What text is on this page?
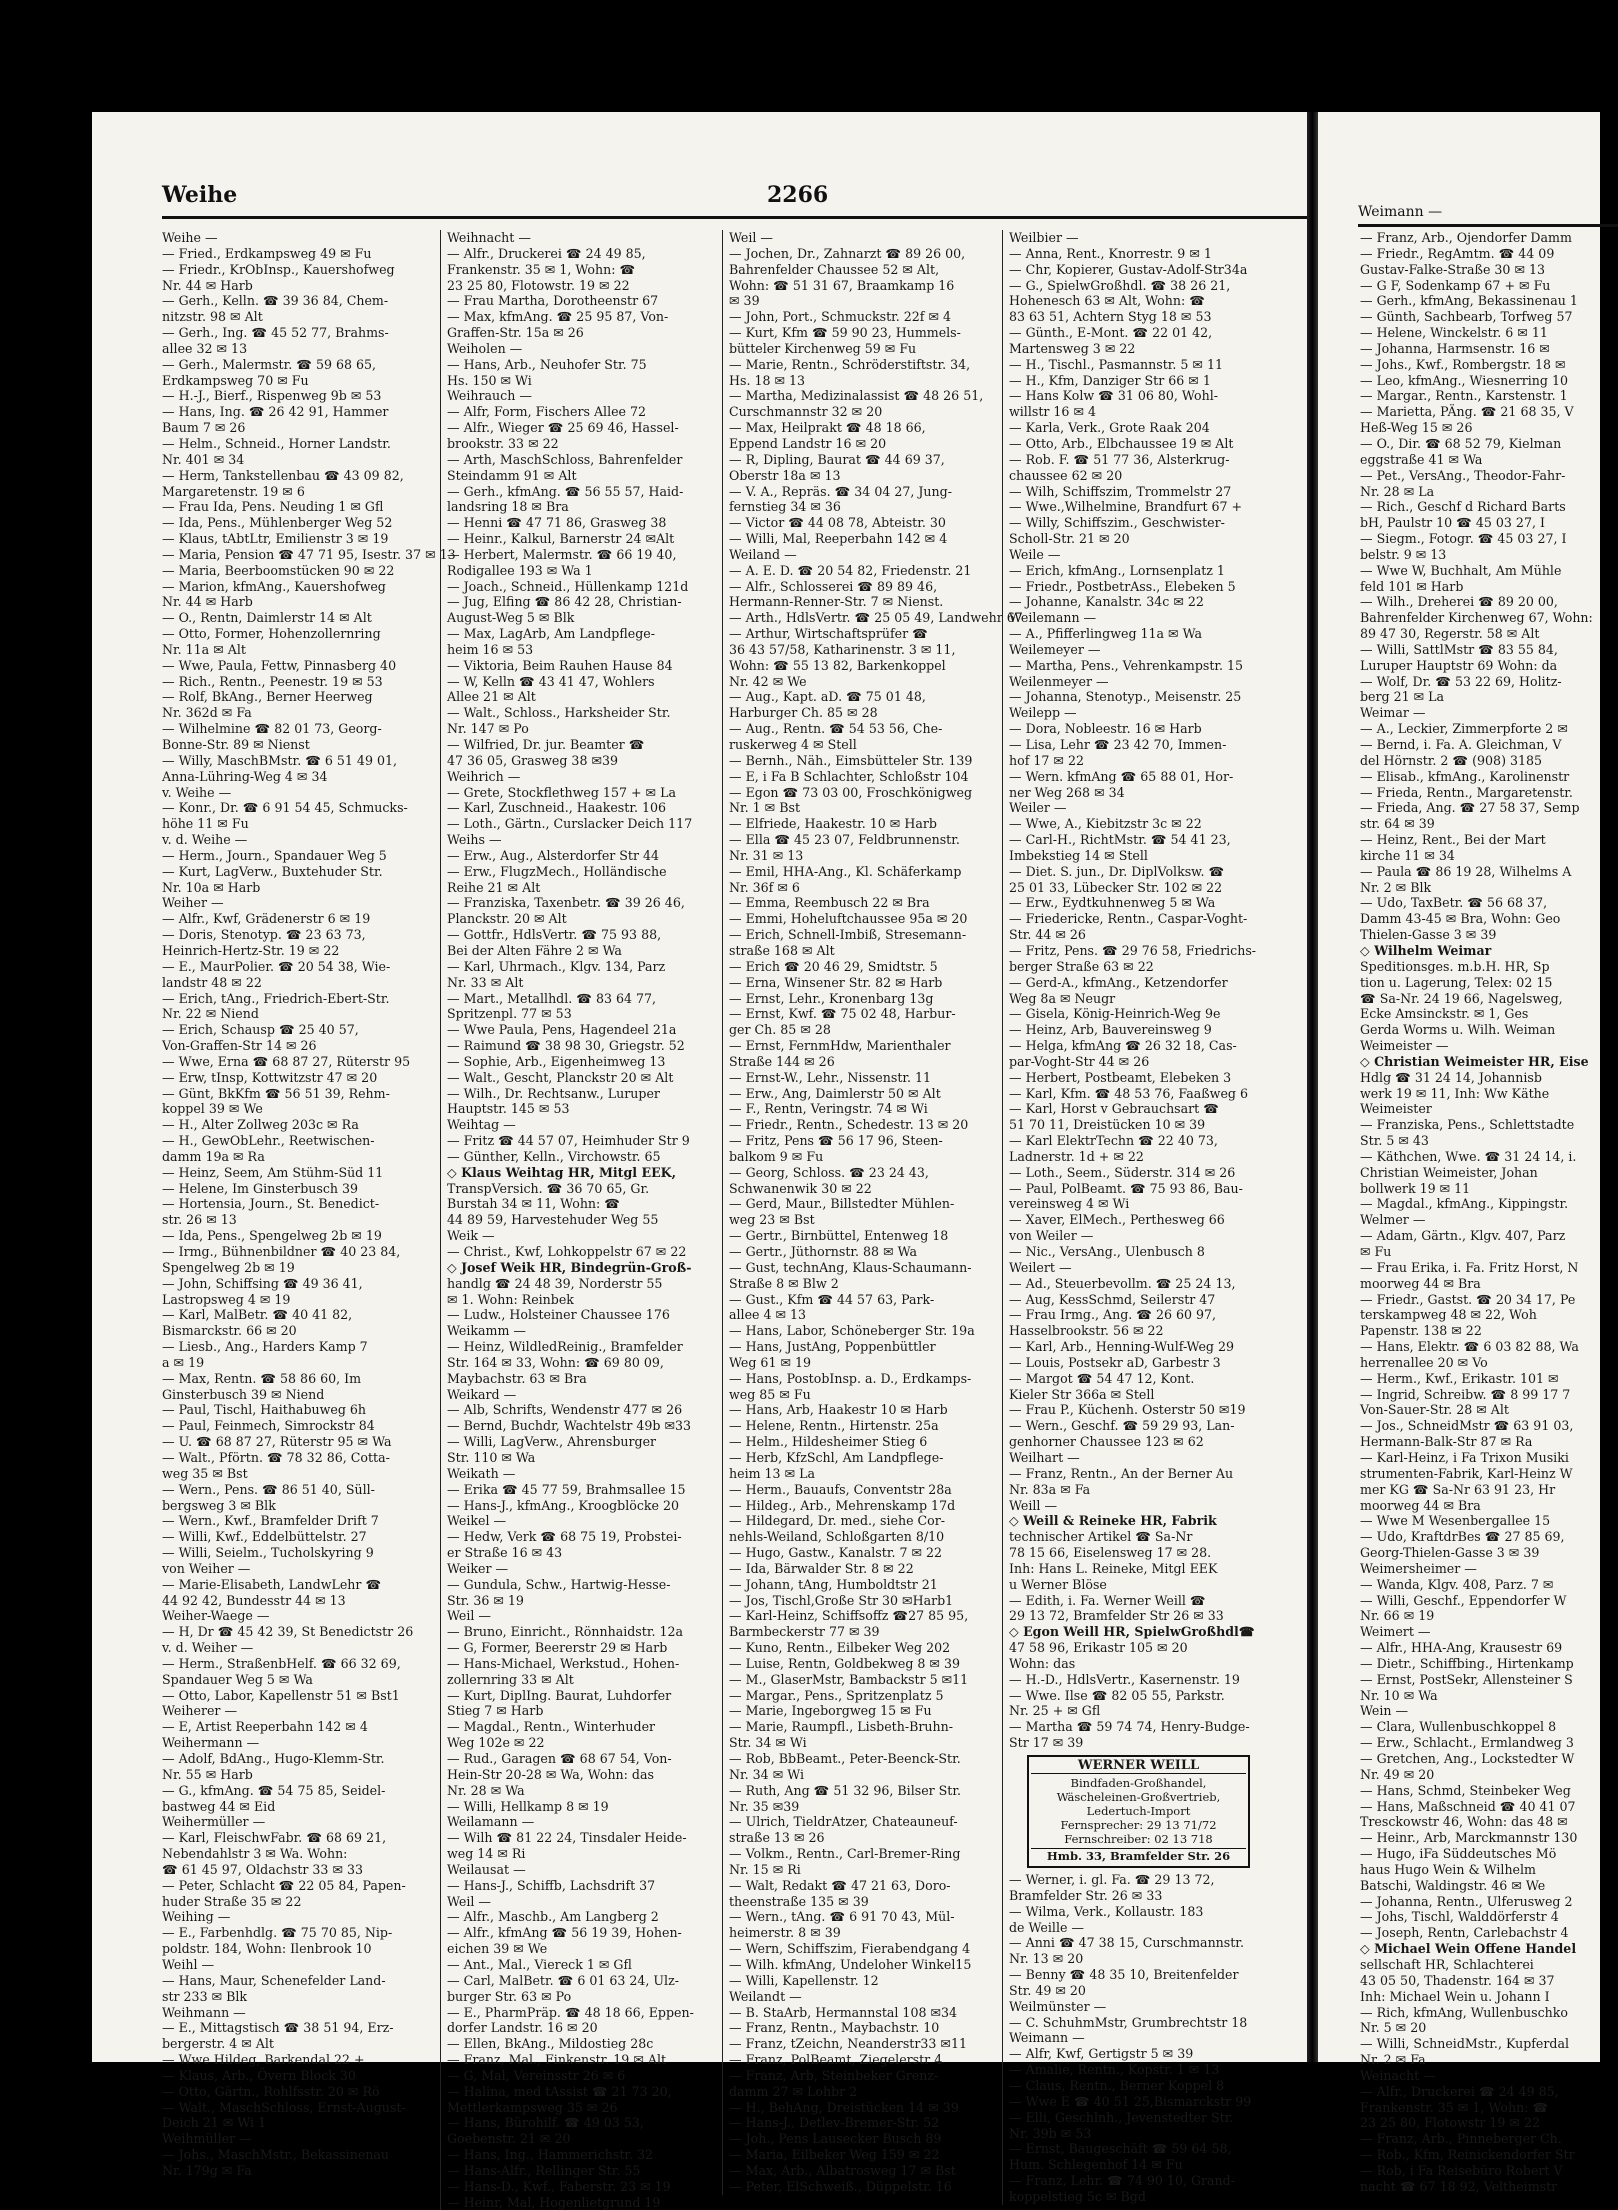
Weihe	2266
Weihe —
— Fried., Erdkampsweg 49 ✉ Fu
— Friedr., KrObInsp., Kauershofweg
Nr. 44 ✉ Harb
— Gerh., Kelln. ☎ 39 36 84, Chem-
nitzstr. 98 ✉ Alt
— Gerh., Ing. ☎ 45 52 77, Brahms-
allee 32 ✉ 13
— Gerh., Malermstr. ☎ 59 68 65,
Erdkampsweg 70 ✉ Fu
— H.-J., Bierf., Rispenweg 9b ✉ 53
— Hans, Ing. ☎ 26 42 91, Hammer
Baum 7 ✉ 26
— Helm., Schneid., Horner Landstr.
Nr. 401 ✉ 34
— Herm, Tankstellenbau ☎ 43 09 82,
Margaretenstr. 19 ✉ 6
— Frau Ida, Pens. Neuding 1 ✉ Gfl
— Ida, Pens., Mühlenberger Weg 52
— Klaus, tAbtLtr, Emilienstr 3 ✉ 19
— Maria, Pension ☎ 47 71 95, Isestr. 37 ✉ 13
— Maria, Beerboomstücken 90 ✉ 22
— Marion, kfmAng., Kauershofweg
Nr. 44 ✉ Harb
— O., Rentn, Daimlerstr 14 ✉ Alt
— Otto, Former, Hohenzollernring
Nr. 11a ✉ Alt
— Wwe, Paula, Fettw, Pinnasberg 40
— Rich., Rentn., Peenestr. 19 ✉ 53
— Rolf, BkAng., Berner Heerweg
Nr. 362d ✉ Fa
— Wilhelmine ☎ 82 01 73, Georg-
Bonne-Str. 89 ✉ Nienst
— Willy, MaschBMstr. ☎ 6 51 49 01,
Anna-Lühring-Weg 4 ✉ 34
v. Weihe —
— Konr., Dr. ☎ 6 91 54 45, Schmucks-
höhe 11 ✉ Fu
v. d. Weihe —
— Herm., Journ., Spandauer Weg 5
— Kurt, LagVerw., Buxtehuder Str.
Nr. 10a ✉ Harb
Weiher —
— Alfr., Kwf, Grädenerstr 6 ✉ 19
— Doris, Stenotyp. ☎ 23 63 73,
Heinrich-Hertz-Str. 19 ✉ 22
— E., MaurPolier. ☎ 20 54 38, Wie-
landstr 48 ✉ 22
— Erich, tAng., Friedrich-Ebert-Str.
Nr. 22 ✉ Niend
— Erich, Schausp ☎ 25 40 57,
Von-Graffen-Str 14 ✉ 26
— Wwe, Erna ☎ 68 87 27, Rüterstr 95
— Erw, tInsp, Kottwitzstr 47 ✉ 20
— Günt, BkKfm ☎ 56 51 39, Rehm-
koppel 39 ✉ We
— H., Alter Zollweg 203c ✉ Ra
— H., GewObLehr., Reetwischen-
damm 19a ✉ Ra
— Heinz, Seem, Am Stühm-Süd 11
— Helene, Im Ginsterbusch 39
— Hortensia, Journ., St. Benedict-
str. 26 ✉ 13
— Ida, Pens., Spengelweg 2b ✉ 19
— Irmg., Bühnenbildner ☎ 40 23 84,
Spengelweg 2b ✉ 19
— John, Schiffsing ☎ 49 36 41,
Lastropsweg 4 ✉ 19
— Karl, MalBetr. ☎ 40 41 82,
Bismarckstr. 66 ✉ 20
— Liesb., Ang., Harders Kamp 7
a ✉ 19
— Max, Rentn. ☎ 58 86 60, Im
Ginsterbusch 39 ✉ Niend
— Paul, Tischl, Haithabuweg 6h
— Paul, Feinmech, Simrockstr 84
— U. ☎ 68 87 27, Rüterstr 95 ✉ Wa
— Walt., Pförtn. ☎ 78 32 86, Cotta-
weg 35 ✉ Bst
— Wern., Pens. ☎ 86 51 40, Süll-
bergsweg 3 ✉ Blk
— Wern., Kwf., Bramfelder Drift 7
— Willi, Kwf., Eddelbüttelstr. 27
— Willi, Seielm., Tucholskyring 9
von Weiher —
— Marie-Elisabeth, LandwLehr ☎
44 92 42, Bundesstr 44 ✉ 13
Weiher-Waege —
— H, Dr ☎ 45 42 39, St Benedictstr 26
v. d. Weiher —
— Herm., StraßenbHelf. ☎ 66 32 69,
Spandauer Weg 5 ✉ Wa
— Otto, Labor, Kapellenstr 51 ✉ Bst1
Weiherer —
— E, Artist Reeperbahn 142 ✉ 4
Weihermann —
— Adolf, BdAng., Hugo-Klemm-Str.
Nr. 55 ✉ Harb
— G., kfmAng. ☎ 54 75 85, Seidel-
bastweg 44 ✉ Eid
Weihermüller —
— Karl, FleischwFabr. ☎ 68 69 21,
Nebendahlstr 3 ✉ Wa. Wohn:
☎ 61 45 97, Oldachstr 33 ✉ 33
— Peter, Schlacht ☎ 22 05 84, Papen-
huder Straße 35 ✉ 22
Weihing —
— E., Farbenhdlg. ☎ 75 70 85, Nip-
poldstr. 184, Wohn: Ilenbrook 10
Weihl —
— Hans, Maur, Schenefelder Land-
str 233 ✉ Blk
Weihmann —
— E., Mittagstisch ☎ 38 51 94, Erz-
bergerstr. 4 ✉ Alt
— Wwe Hildeg, Barkendal 22 +
— Klaus, Arb., Övern Block 30
— Otto, Gärtn., Rohlfsstr. 20 ✉ Rö
— Walt., MaschSchloss, Ernst-August-
Deich 21 ✉ Wi 1
Weihmüller —
— Johs., MaschMstr., Bekassinenau
Nr. 179g ✉ Fa
Weihnacht —
— Alfr., Druckerei ☎ 24 49 85,
Frankenstr. 35 ✉ 1, Wohn: ☎
23 25 80, Flotowstr. 19 ✉ 22
— Frau Martha, Dorotheenstr 67
— Max, kfmAng. ☎ 25 95 87, Von-
Graffen-Str. 15a ✉ 26
Weiholen —
— Hans, Arb., Neuhofer Str. 75
Hs. 150 ✉ Wi
Weihrauch —
— Alfr, Form, Fischers Allee 72
— Alfr., Wieger ☎ 25 69 46, Hassel-
brookstr. 33 ✉ 22
— Arth, MaschSchloss, Bahrenfelder
Steindamm 91 ✉ Alt
— Gerh., kfmAng. ☎ 56 55 57, Haid-
landsring 18 ✉ Bra
— Henni ☎ 47 71 86, Grasweg 38
— Heinr., Kalkul, Barnerstr 24 ✉Alt
— Herbert, Malermstr. ☎ 66 19 40,
Rodigallee 193 ✉ Wa 1
— Joach., Schneid., Hüllenkamp 121d
— Jug, Elfing ☎ 86 42 28, Christian-
August-Weg 5 ✉ Blk
— Max, LagArb, Am Landpflege-
heim 16 ✉ 53
— Viktoria, Beim Rauhen Hause 84
— W, Kelln ☎ 43 41 47, Wohlers
Allee 21 ✉ Alt
— Walt., Schloss., Harksheider Str.
Nr. 147 ✉ Po
— Wilfried, Dr. jur. Beamter ☎
47 36 05, Grasweg 38 ✉39
Weihrich —
— Grete, Stockflethweg 157 + ✉ La
— Karl, Zuschneid., Haakestr. 106
— Loth., Gärtn., Curslacker Deich 117
Weihs —
— Erw., Aug., Alsterdorfer Str 44
— Erw., FlugzMech., Holländische
Reihe 21 ✉ Alt
— Franziska, Taxenbetr. ☎ 39 26 46,
Planckstr. 20 ✉ Alt
— Gottfr., HdlsVertr. ☎ 75 93 88,
Bei der Alten Fähre 2 ✉ Wa
— Karl, Uhrmach., Klgv. 134, Parz
Nr. 33 ✉ Alt
— Mart., Metallhdl. ☎ 83 64 77,
Spritzenpl. 77 ✉ 53
— Wwe Paula, Pens, Hagendeel 21a
— Raimund ☎ 38 98 30, Griegstr. 52
— Sophie, Arb., Eigenheimweg 13
— Walt., Gescht, Planckstr 20 ✉ Alt
— Wilh., Dr. Rechtsanw., Luruper
Hauptstr. 145 ✉ 53
Weihtag —
— Fritz ☎ 44 57 07, Heimhuder Str 9
— Günther, Kelln., Virchowstr. 65
◇ Klaus Weihtag HR, Mitgl EEK,
TranspVersich. ☎ 36 70 65, Gr.
Burstah 34 ✉ 11, Wohn: ☎
44 89 59, Harvestehuder Weg 55
Weik —
— Christ., Kwf, Lohkoppelstr 67 ✉ 22
◇ Josef Weik HR, Bindegrün-Groß-
handlg ☎ 24 48 39, Norderstr 55
✉ 1. Wohn: Reinbek
— Ludw., Holsteiner Chaussee 176
Weikamm —
— Heinz, WildledReinig., Bramfelder
Str. 164 ✉ 33, Wohn: ☎ 69 80 09,
Maybachstr. 63 ✉ Bra
Weikard —
— Alb, Schrifts, Wendenstr 477 ✉ 26
— Bernd, Buchdr, Wachtelstr 49b ✉33
— Willi, LagVerw., Ahrensburger
Str. 110 ✉ Wa
Weikath —
— Erika ☎ 45 77 59, Brahmsallee 15
— Hans-J., kfmAng., Kroogblöcke 20
Weikel —
— Hedw, Verk ☎ 68 75 19, Probstei-
er Straße 16 ✉ 43
Weiker —
— Gundula, Schw., Hartwig-Hesse-
Str. 36 ✉ 19
Weil —
— Bruno, Einricht., Rönnhaidstr. 12a
— G, Former, Beererstr 29 ✉ Harb
— Hans-Michael, Werkstud., Hohen-
zollernring 33 ✉ Alt
— Kurt, DiplIng. Baurat, Luhdorfer
Stieg 7 ✉ Harb
— Magdal., Rentn., Winterhuder
Weg 102e ✉ 22
— Rud., Garagen ☎ 68 67 54, Von-
Hein-Str 20-28 ✉ Wa, Wohn: das
Nr. 28 ✉ Wa
— Willi, Hellkamp 8 ✉ 19
Weilamann —
— Wilh ☎ 81 22 24, Tinsdaler Heide-
weg 14 ✉ Ri
Weilausat —
— Hans-J., Schiffb, Lachsdrift 37
Weil —
— Alfr., Maschb., Am Langberg 2
— Alfr., kfmAng ☎ 56 19 39, Hohen-
eichen 39 ✉ We
— Ant., Mal., Viereck 1 ✉ Gfl
— Carl, MalBetr. ☎ 6 01 63 24, Ulz-
burger Str. 63 ✉ Po
— E., PharmPräp. ☎ 48 18 66, Eppen-
dorfer Landstr. 16 ✉ 20
— Ellen, BkAng., Mildostieg 28c
— Franz, Mal., Finkenstr. 19 ✉ Alt
— G, Mal, Vereinsstr 26 ✉ 6
— Halina, med tAssist ☎ 21 73 20,
Mettlerkampsweg 35 ✉ 26
— Hans, Bürohilf. ☎ 49 03 53,
Goebenstr. 21 ✉ 20
— Hans, Ing., Hammerichstr. 32
— Hans-Alfr., Rellinger Str. 55
— Hans-D., Kwf., Faberstr. 23 ✉ 19
— Heinr, Mal, Hogenlietgrund 19
Weil —
— Jochen, Dr., Zahnarzt ☎ 89 26 00,
Bahrenfelder Chaussee 52 ✉ Alt,
Wohn: ☎ 51 31 67, Braamkamp 16
✉ 39
— John, Port., Schmuckstr. 22f ✉ 4
— Kurt, Kfm ☎ 59 90 23, Hummels-
bütteler Kirchenweg 59 ✉ Fu
— Marie, Rentn., Schröderstiftstr. 34,
Hs. 18 ✉ 13
— Martha, Medizinalassist ☎ 48 26 51,
Curschmannstr 32 ✉ 20
— Max, Heilprakt ☎ 48 18 66,
Eppend Landstr 16 ✉ 20
— R, Dipling, Baurat ☎ 44 69 37,
Oberstr 18a ✉ 13
— V. A., Repräs. ☎ 34 04 27, Jung-
fernstieg 34 ✉ 36
— Victor ☎ 44 08 78, Abteistr. 30
— Willi, Mal, Reeperbahn 142 ✉ 4
Weiland —
— A. E. D. ☎ 20 54 82, Friedenstr. 21
— Alfr., Schlosserei ☎ 89 89 46,
Hermann-Renner-Str. 7 ✉ Nienst.
— Arth., HdlsVertr. ☎ 25 05 49, Landwehr 67
— Arthur, Wirtschaftsprüfer ☎
36 43 57/58, Katharinenstr. 3 ✉ 11,
Wohn: ☎ 55 13 82, Barkenkoppel
Nr. 42 ✉ We
— Aug., Kapt. aD. ☎ 75 01 48,
Harburger Ch. 85 ✉ 28
— Aug., Rentn. ☎ 54 53 56, Che-
ruskerweg 4 ✉ Stell
— Bernh., Näh., Eimsbütteler Str. 139
— E, i Fa B Schlachter, Schloßstr 104
— Egon ☎ 73 03 00, Froschkönigweg
Nr. 1 ✉ Bst
— Elfriede, Haakestr. 10 ✉ Harb
— Ella ☎ 45 23 07, Feldbrunnenstr.
Nr. 31 ✉ 13
— Emil, HHA-Ang., Kl. Schäferkamp
Nr. 36f ✉ 6
— Emma, Reembusch 22 ✉ Bra
— Emmi, Hoheluftchaussee 95a ✉ 20
— Erich, Schnell-Imbiß, Stresemann-
straße 168 ✉ Alt
— Erich ☎ 20 46 29, Smidtstr. 5
— Erna, Winsener Str. 82 ✉ Harb
— Ernst, Lehr., Kronenbarg 13g
— Ernst, Kwf. ☎ 75 02 48, Harbur-
ger Ch. 85 ✉ 28
— Ernst, FernmHdw, Marienthaler
Straße 144 ✉ 26
— Ernst-W., Lehr., Nissenstr. 11
— Erw., Ang, Daimlerstr 50 ✉ Alt
— F., Rentn, Veringstr. 74 ✉ Wi
— Friedr., Rentn., Schedestr. 13 ✉ 20
— Fritz, Pens ☎ 56 17 96, Steen-
balkom 9 ✉ Fu
— Georg, Schloss. ☎ 23 24 43,
Schwanenwik 30 ✉ 22
— Gerd, Maur., Billstedter Mühlen-
weg 23 ✉ Bst
— Gertr., Birnbüttel, Entenweg 18
— Gertr., Jüthornstr. 88 ✉ Wa
— Gust, technAng, Klaus-Schaumann-
Straße 8 ✉ Blw 2
— Gust., Kfm ☎ 44 57 63, Park-
allee 4 ✉ 13
— Hans, Labor, Schöneberger Str. 19a
— Hans, JustAng, Poppenbüttler
Weg 61 ✉ 19
— Hans, PostobInsp. a. D., Erdkamps-
weg 85 ✉ Fu
— Hans, Arb, Haakestr 10 ✉ Harb
— Helene, Rentn., Hirtenstr. 25a
— Helm., Hildesheimer Stieg 6
— Herb, KfzSchl, Am Landpflege-
heim 13 ✉ La
— Herm., Bauaufs, Conventstr 28a
— Hildeg., Arb., Mehrenskamp 17d
— Hildegard, Dr. med., siehe Cor-
nehls-Weiland, Schloßgarten 8/10
— Hugo, Gastw., Kanalstr. 7 ✉ 22
— Ida, Bärwalder Str. 8 ✉ 22
— Johann, tAng, Humboldtstr 21
— Jos, Tischl,Große Str 30 ✉Harb1
— Karl-Heinz, Schiffsoffz ☎27 85 95,
Barmbeckerstr 77 ✉ 39
— Kuno, Rentn., Eilbeker Weg 202
— Luise, Rentn, Goldbekweg 8 ✉ 39
— M., GlaserMstr, Bambackstr 5 ✉11
— Margar., Pens., Spritzenplatz 5
— Marie, Ingeborgweg 15 ✉ Fu
— Marie, Raumpfl., Lisbeth-Bruhn-
Str. 34 ✉ Wi
— Rob, BbBeamt., Peter-Beenck-Str.
Nr. 34 ✉ Wi
— Ruth, Ang ☎ 51 32 96, Bilser Str.
Nr. 35 ✉39
— Ulrich, TieldrAtzer, Chateauneuf-
straße 13 ✉ 26
— Volkm., Rentn., Carl-Bremer-Ring
Nr. 15 ✉ Ri
— Walt, Redakt ☎ 47 21 63, Doro-
theenstraße 135 ✉ 39
— Wern., tAng. ☎ 6 91 70 43, Mül-
heimerstr. 8 ✉ 39
— Wern, Schiffszim, Fierabendgang 4
— Wilh. kfmAng, Undeloher Winkel15
— Willi, Kapellenstr. 12
Weilandt —
— B. StaArb, Hermannstal 108 ✉34
— Franz, Rentn., Maybachstr. 10
— Franz, tZeichn, Neanderstr33 ✉11
— Franz, PolBeamt, Ziegelerstr 4
— Franz, Arb, Steinbeker Grenz-
damm 27 ✉ Lohbr 2
— H., BehAng, Dreistücken 14 ✉ 39
— Hans-J., Detlev-Bremer-Str. 52
— Joh., Pens Lausecker Busch 89
— Maria, Eilbeker Weg 159 ✉ 22
— Max, Arb., Albatrosweg 17 ✉ Bst
— Peter, ElSchweiß., Düppelstr. 16
Weilbier —
— Anna, Rent., Knorrestr. 9 ✉ 1
— Chr, Kopierer, Gustav-Adolf-Str34a
— G., SpielwGroßhdl. ☎ 38 26 21,
Hohenesch 63 ✉ Alt, Wohn: ☎
83 63 51, Achtern Styg 18 ✉ 53
— Günth., E-Mont. ☎ 22 01 42,
Martensweg 3 ✉ 22
— H., Tischl., Pasmannstr. 5 ✉ 11
— H., Kfm, Danziger Str 66 ✉ 1
— Hans Kolw ☎ 31 06 80, Wohl-
willstr 16 ✉ 4
— Karla, Verk., Grote Raak 204
— Otto, Arb., Elbchaussee 19 ✉ Alt
— Rob. F. ☎ 51 77 36, Alsterkrug-
chaussee 62 ✉ 20
— Wilh, Schiffszim, Trommelstr 27
— Wwe.,Wilhelmine, Brandfurt 67 +
— Willy, Schiffszim., Geschwister-
Scholl-Str. 21 ✉ 20
Weile —
— Erich, kfmAng., Lornsenplatz 1
— Friedr., PostbetrAss., Elebeken 5
— Johanne, Kanalstr. 34c ✉ 22
Weilemann —
— A., Pfifferlingweg 11a ✉ Wa
Weilemeyer —
— Martha, Pens., Vehrenkampstr. 15
Weilenmeyer —
— Johanna, Stenotyp., Meisenstr. 25
Weilepp —
— Dora, Nobleestr. 16 ✉ Harb
— Lisa, Lehr ☎ 23 42 70, Immen-
hof 17 ✉ 22
— Wern. kfmAng ☎ 65 88 01, Hor-
ner Weg 268 ✉ 34
Weiler —
— Wwe, A., Kiebitzstr 3c ✉ 22
— Carl-H., RichtMstr. ☎ 54 41 23,
Imbekstieg 14 ✉ Stell
— Diet. S. jun., Dr. DiplVolksw. ☎
25 01 33, Lübecker Str. 102 ✉ 22
— Erw., Eydtkuhnenweg 5 ✉ Wa
— Friedericke, Rentn., Caspar-Voght-
Str. 44 ✉ 26
— Fritz, Pens. ☎ 29 76 58, Friedrichs-
berger Straße 63 ✉ 22
— Gerd-A., kfmAng., Ketzendorfer
Weg 8a ✉ Neugr
— Gisela, König-Heinrich-Weg 9e
— Heinz, Arb, Bauvereinsweg 9
— Helga, kfmAng ☎ 26 32 18, Cas-
par-Voght-Str 44 ✉ 26
— Herbert, Postbeamt, Elebeken 3
— Karl, Kfm. ☎ 48 53 76, Faaßweg 6
— Karl, Horst v Gebrauchsart ☎
51 70 11, Dreistücken 10 ✉ 39
— Karl ElektrTechn ☎ 22 40 73,
Ladnerstr. 1d + ✉ 22
— Loth., Seem., Süderstr. 314 ✉ 26
— Paul, PolBeamt. ☎ 75 93 86, Bau-
vereinsweg 4 ✉ Wi
— Xaver, ElMech., Perthesweg 66
von Weiler —
— Nic., VersAng., Ulenbusch 8
Weilert —
— Ad., Steuerbevollm. ☎ 25 24 13,
— Aug, KessSchmd, Seilerstr 47
— Frau Irmg., Ang. ☎ 26 60 97,
Hasselbrookstr. 56 ✉ 22
— Karl, Arb., Henning-Wulf-Weg 29
— Louis, Postsekr aD, Garbestr 3
— Margot ☎ 54 47 12, Kont.
Kieler Str 366a ✉ Stell
— Frau P., Küchenh. Osterstr 50 ✉19
— Wern., Geschf. ☎ 59 29 93, Lan-
genhorner Chaussee 123 ✉ 62
Weilhart —
— Franz, Rentn., An der Berner Au
Nr. 83a ✉ Fa
Weill —
◇ Weill & Reineke HR, Fabrik
technischer Artikel ☎ Sa-Nr
78 15 66, Eiselensweg 17 ✉ 28.
Inh: Hans L. Reineke, Mitgl EEK
u Werner Blöse
— Edith, i. Fa. Werner Weill ☎
29 13 72, Bramfelder Str 26 ✉ 33
◇ Egon Weill HR, SpielwGroßhdl☎
47 58 96, Erikastr 105 ✉ 20
Wohn: das
— H.-D., HdlsVertr., Kasernenstr. 19
— Wwe. Ilse ☎ 82 05 55, Parkstr.
Nr. 25 + ✉ Gfl
— Martha ☎ 59 74 74, Henry-Budge-
Str 17 ✉ 39
WERNER WEILL
Bindfaden-Großhandel,
Wäscheleinen-Großvertrieb,
Ledertuch-Import
Fernsprecher: 29 13 71/72
Fernschreiber: 02 13 718
Hmb. 33, Bramfelder Str. 26
— Werner, i. gl. Fa. ☎ 29 13 72,
Bramfelder Str. 26 ✉ 33
— Wilma, Verk., Kollaustr. 183
de Weille —
— Anni ☎ 47 38 15, Curschmannstr.
Nr. 13 ✉ 20
— Benny ☎ 48 35 10, Breitenfelder
Str. 49 ✉ 20
Weilmünster —
— C. SchuhmMstr, Grumbrechtstr 18
Weimann —
— Alfr, Kwf, Gertigstr 5 ✉ 39
— Amalie, Rentn., Kopstr. 1 ✉ 13
— Claus, Rentn., Berner Koppel 8
— Wwe E ☎ 40 51 25,Bismarckstr 99
— Elli, Geschlnh., Jevenstedter Str.
Nr. 39b ✉ 53
— Ernst, Baugeschäft ☎ 59 64 58,
Hum. Schlegenhof 14 ✉ Fu
— Franz, Lehr. ☎ 74 90 10, Grand-
koppelstieg 5c ✉ Bgd
Weimann —
— Franz, Arb., Ojendorfer Damm
— Friedr., RegAmtm. ☎ 44 09
Gustav-Falke-Straße 30 ✉ 13
— G F, Sodenkamp 67 + ✉ Fu
— Gerh., kfmAng, Bekassinenau 1
— Günth, Sachbearb, Torfweg 57
— Helene, Winckelstr. 6 ✉ 11
— Johanna, Harmsenstr. 16 ✉
— Johs., Kwf., Rombergstr. 18 ✉
— Leo, kfmAng., Wiesnerring 10
— Margar., Rentn., Karstenstr. 1
— Marietta, PÄng. ☎ 21 68 35, V
Heß-Weg 15 ✉ 26
— O., Dir. ☎ 68 52 79, Kielman
eggstraße 41 ✉ Wa
— Pet., VersAng., Theodor-Fahr-
Nr. 28 ✉ La
— Rich., Geschf d Richard Barts
bH, Paulstr 10 ☎ 45 03 27, I
— Siegm., Fotogr. ☎ 45 03 27, I
belstr. 9 ✉ 13
— Wwe W, Buchhalt, Am Mühle
feld 101 ✉ Harb
— Wilh., Dreherei ☎ 89 20 00,
Bahrenfelder Kirchenweg 67, Wohn:
89 47 30, Regerstr. 58 ✉ Alt
— Willi, SattlMstr ☎ 83 55 84,
Luruper Hauptstr 69 Wohn: da
— Wolf, Dr. ☎ 53 22 69, Holitz-
berg 21 ✉ La
Weimar —
— A., Leckier, Zimmerpforte 2 ✉
— Bernd, i. Fa. A. Gleichman, V
del Hörnstr. 2 ☎ (908) 3185
— Elisab., kfmAng., Karolinenstr
— Frieda, Rentn., Margaretenstr.
— Frieda, Ang. ☎ 27 58 37, Semp
str. 64 ✉ 39
— Heinz, Rent., Bei der Mart
kirche 11 ✉ 34
— Paula ☎ 86 19 28, Wilhelms A
Nr. 2 ✉ Blk
— Udo, TaxBetr. ☎ 56 68 37,
Damm 43-45 ✉ Bra, Wohn: Geo
Thielen-Gasse 3 ✉ 39
◇ Wilhelm Weimar
Speditionsges. m.b.H. HR, Sp
tion u. Lagerung, Telex: 02 15
☎ Sa-Nr. 24 19 66, Nagelsweg,
Ecke Amsinckstr. ✉ 1, Ges
Gerda Worms u. Wilh. Weiman
Weimeister —
◇ Christian Weimeister HR, Eise
Hdlg ☎ 31 24 14, Johannisb
werk 19 ✉ 11, Inh: Ww Käthe
Weimeister
— Franziska, Pens., Schlettstadte
Str. 5 ✉ 43
— Käthchen, Wwe. ☎ 31 24 14, i.
Christian Weimeister, Johan
bollwerk 19 ✉ 11
— Magdal., kfmAng., Kippingstr.
Welmer —
— Adam, Gärtn., Klgv. 407, Parz
✉ Fu
— Frau Erika, i. Fa. Fritz Horst, N
moorweg 44 ✉ Bra
— Friedr., Gastst. ☎ 20 34 17, Pe
terskampweg 48 ✉ 22, Woh
Papenstr. 138 ✉ 22
— Hans, Elektr. ☎ 6 03 82 88, Wa
herrenallee 20 ✉ Vo
— Herm., Kwf., Erikastr. 101 ✉
— Ingrid, Schreibw. ☎ 8 99 17 7
Von-Sauer-Str. 28 ✉ Alt
— Jos., SchneidMstr ☎ 63 91 03,
Hermann-Balk-Str 87 ✉ Ra
— Karl-Heinz, i Fa Trixon Musiki
strumenten-Fabrik, Karl-Heinz W
mer KG ☎ Sa-Nr 63 91 23, Hr
moorweg 44 ✉ Bra
— Wwe M Wesenbergallee 15
— Udo, KraftdrBes ☎ 27 85 69,
Georg-Thielen-Gasse 3 ✉ 39
Weimersheimer —
— Wanda, Klgv. 408, Parz. 7 ✉
— Willi, Geschf., Eppendorfer W
Nr. 66 ✉ 19
Weimert —
— Alfr., HHA-Ang, Krausestr 69
— Dietr., Schiffbing., Hirtenkamp
— Ernst, PostSekr, Allensteiner S
Nr. 10 ✉ Wa
Wein —
— Clara, Wullenbuschkoppel 8
— Erw., Schlacht., Ermlandweg 3
— Gretchen, Ang., Lockstedter W
Nr. 49 ✉ 20
— Hans, Schmd, Steinbeker Weg
— Hans, Maßschneid ☎ 40 41 07
Tresckowstr 46, Wohn: das 48 ✉
— Heinr., Arb, Marckmannstr 130
— Hugo, iFa Süddeutsches Mö
haus Hugo Wein & Wilhelm
Batschi, Waldingstr. 46 ✉ We
— Johanna, Rentn., Ulferusweg 2
— Johs, Tischl, Walddörferstr 4
— Joseph, Rentn, Carlebachstr 4
◇ Michael Wein Offene Handel
sellschaft HR, Schlachterei
43 05 50, Thadenstr. 164 ✉ 37
Inh: Michael Wein u. Johann I
— Rich, kfmAng, Wullenbuschko
Nr. 5 ✉ 20
— Willi, SchneidMstr., Kupferdal
Nr. 2 ✉ Fa
Weinacht —
— Alfr., Druckerei ☎ 24 49 85,
Frankenstr. 35 ✉ 1, Wohn: ☎
23 25 80, Flotowstr 19 ✉ 22
— Franz, Arb., Pinneberger Ch.
— Rob., Kfm, Reinickendorfer Str
— Rob, i Fa Reisebüro Robert V
nacht ☎ 67 18 92, Veltheimstr
